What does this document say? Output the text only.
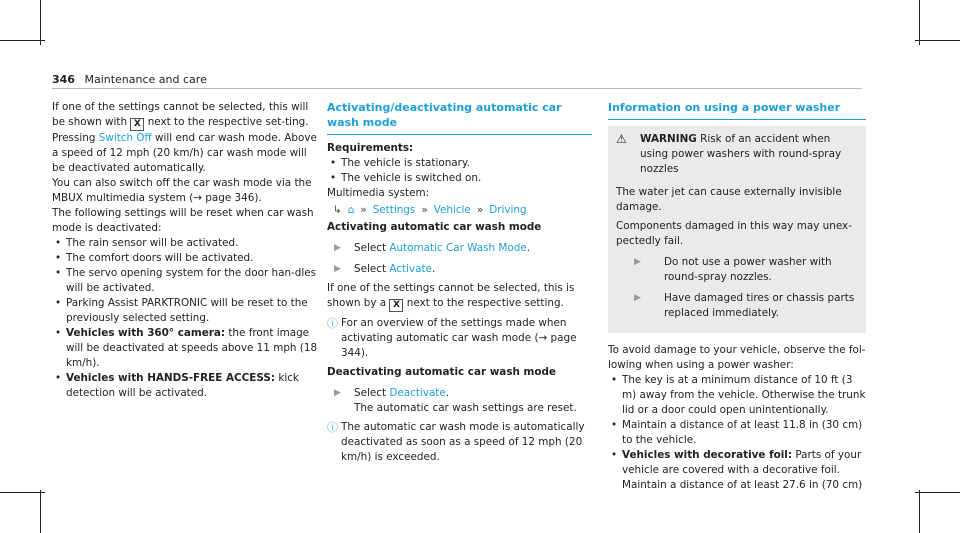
346 Maintenance and care

If one of the settings cannot be selected, this will be shown with X next to the respective set-ting.

Pressing Switch Off will end car wash mode. Above a speed of 12 mph (20 km/h) car wash mode will be deactivated automatically.

You can also switch off the car wash mode via the MBUX multimedia system (→ page 346).

The following settings will be reset when car wash mode is deactivated:

• The rain sensor will be activated.
• The comfort doors will be activated.
• The servo opening system for the door han-dles will be activated.
• Parking Assist PARKTRONIC will be reset to the previously selected setting.
• Vehicles with 360° camera: the front image will be deactivated at speeds above 11 mph (18 km/h).
• Vehicles with HANDS-FREE ACCESS: kick detection will be activated.
Activating/deactivating automatic car wash mode
Requirements:
• The vehicle is stationary.
• The vehicle is switched on.

Multimedia system:

↳ ⌂ » Settings » Vehicle » Driving
Activating automatic car wash mode
▶	Select Automatic Car Wash Mode.
▶	Select Activate.

If one of the settings cannot be selected, this is shown by a X next to the respective setting.

ⓘ For an overview of the settings made when activating automatic car wash mode (→ page 344).
Deactivating automatic car wash mode
▶	Select Deactivate.
The automatic car wash settings are reset.
ⓘ The automatic car wash mode is automatically deactivated as soon as a speed of 12 mph (20 km/h) is exceeded.
Information on using a power washer
⚠	WARNING Risk of an accident when using power washers with round-spray nozzles

The water jet can cause externally invisible damage.

Components damaged in this way may unex-pectedly fail.

▶	Do not use a power washer with round-spray nozzles.
▶	Have damaged tires or chassis parts replaced immediately.

To avoid damage to your vehicle, observe the fol-lowing when using a power washer:

• The key is at a minimum distance of 10 ft (3 m) away from the vehicle. Otherwise the trunk lid or a door could open unintentionally.
• Maintain a distance of at least 11.8 in (30 cm) to the vehicle.
• Vehicles with decorative foil: Parts of your vehicle are covered with a decorative foil. Maintain a distance of at least 27.6 in (70 cm)
